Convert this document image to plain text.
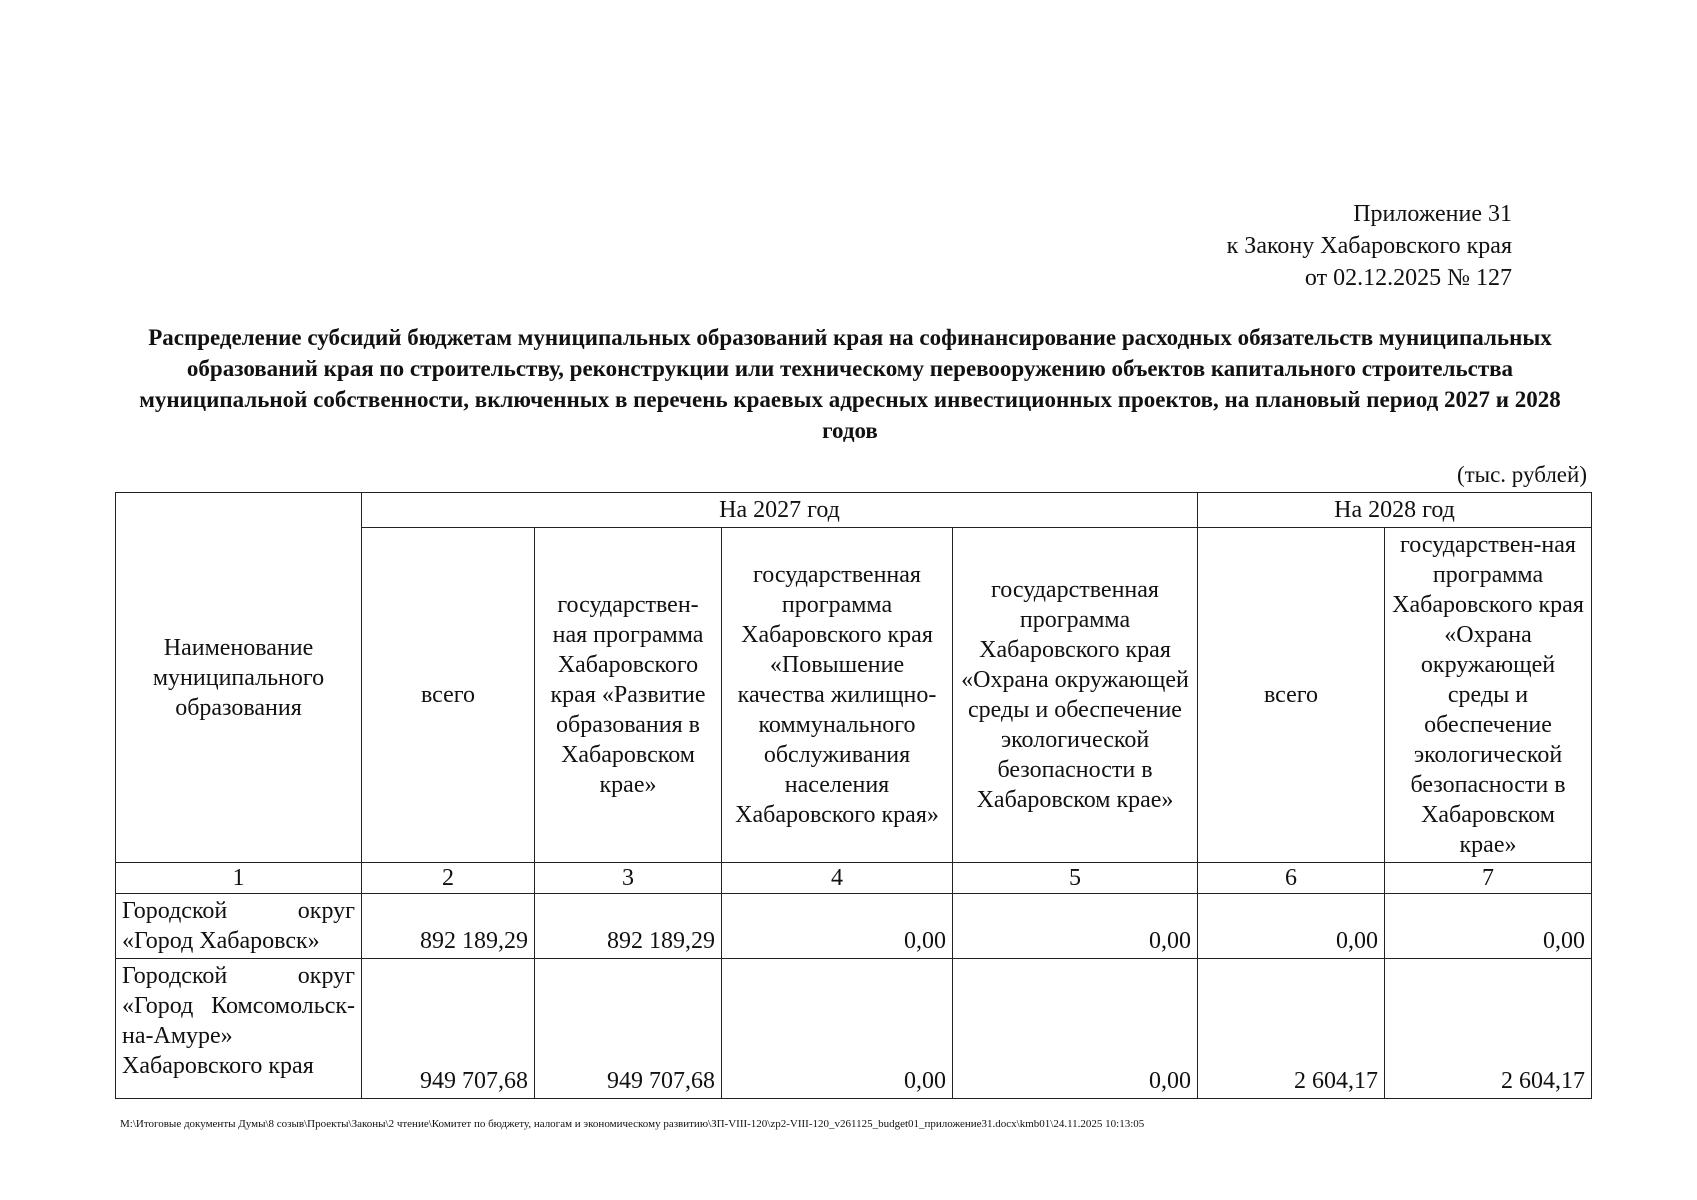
Приложение 31
к Закону Хабаровского края
от 02.12.2025 № 127
Распределение субсидий бюджетам муниципальных образований края на софинансирование расходных обязательств муниципальных образований края по строительству, реконструкции или техническому перевооружению объектов капитального строительства муниципальной собственности, включенных в перечень краевых адресных инвестиционных проектов, на плановый период 2027 и 2028 годов
(тыс. рублей)
Наименование муниципального образования	На 2027 год				На 2028 год	
	всего	государствен-ная программа Хабаровского края «Развитие образования в Хабаровском крае»	государственная программа Хабаровского края «Повышение качества жилищно-коммунального обслуживания населения Хабаровского края»	государственная программа Хабаровского края «Охрана окружающей среды и обеспечение экологической безопасности в Хабаровском крае»	всего	государствен-ная программа Хабаровского края «Охрана окружающей среды и обеспечение экологической безопасности в Хабаровском крае»
1	2	3	4	5	6	7
Городской округ «Город Хабаровск»	892 189,29	892 189,29	0,00	0,00	0,00	0,00
Городской округ «Город Комсомольск-на-Амуре» Хабаровского края	949 707,68	949 707,68	0,00	0,00	2 604,17	2 604,17
M:\Итоговые документы Думы\8 созыв\Проекты\Законы\2 чтение\Комитет по бюджету, налогам и экономическому развитию\ЗП-VIII-120\zp2-VIII-120_v261125_budget01_приложение31.docx\kmb01\24.11.2025 10:13:05
